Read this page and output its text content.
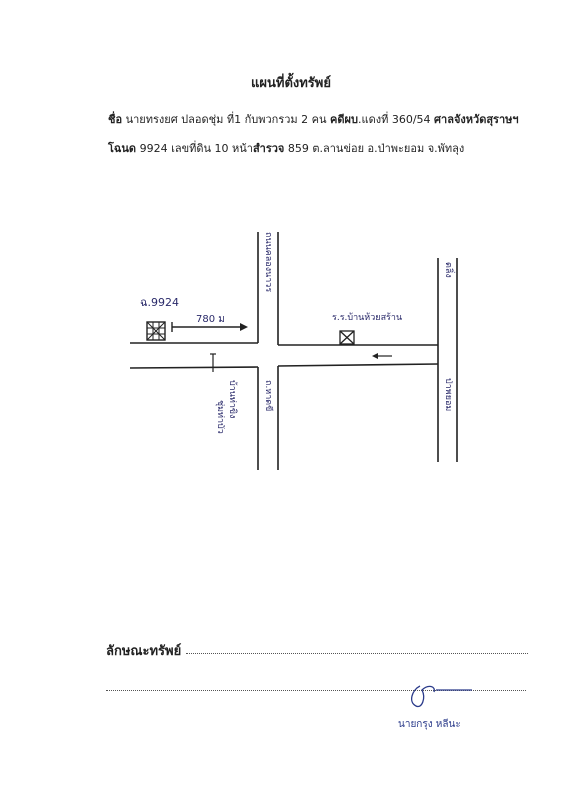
แผนที่ตั้งทรัพย์
ชื่อ นายทรงยศ ปลอดชุ่ม ที่1 กับพวกรวม 2 คน คดีผบ.แดงที่ 360/54 ศาลจังหวัดสุราษฯ
โฉนด 9924 เลขที่ดิน 10 หน้าสำรวจ 859 ต.ลานข่อย อ.ป่าพะยอม จ.พัทลุง
ฉ.9924
780 ม	ร.ร.บ้านห้วยสร้าน
ถนนคลองนาวร
ถ.หาดขี
บ้านท่าขิง
ชุ่มท่าบัว
ตลิ่ง
ป่าพยอม
ลักษณะทรัพย์
นายกรุง หลีนะ
